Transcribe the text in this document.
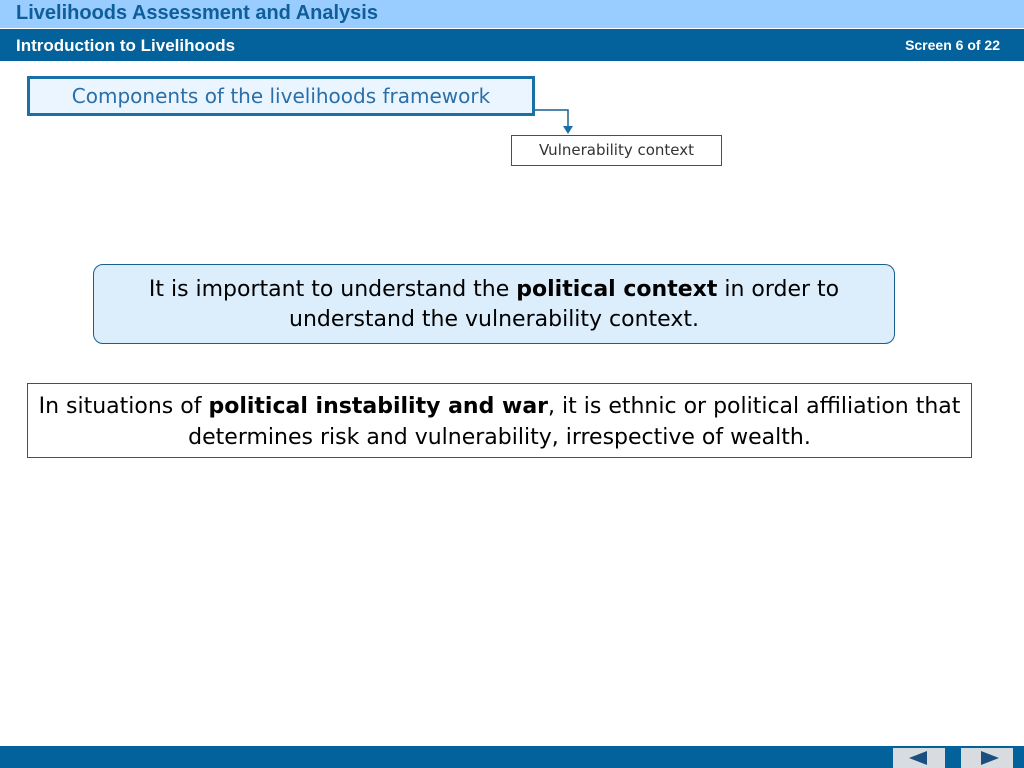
Livelihoods Assessment and Analysis
Introduction to Livelihoods	Screen 6 of 22
Components of the livelihoods framework
Vulnerability context
It is important to understand the political context in order to understand the vulnerability context.
In situations of political instability and war, it is ethnic or political affiliation that determines risk and vulnerability, irrespective of wealth.
